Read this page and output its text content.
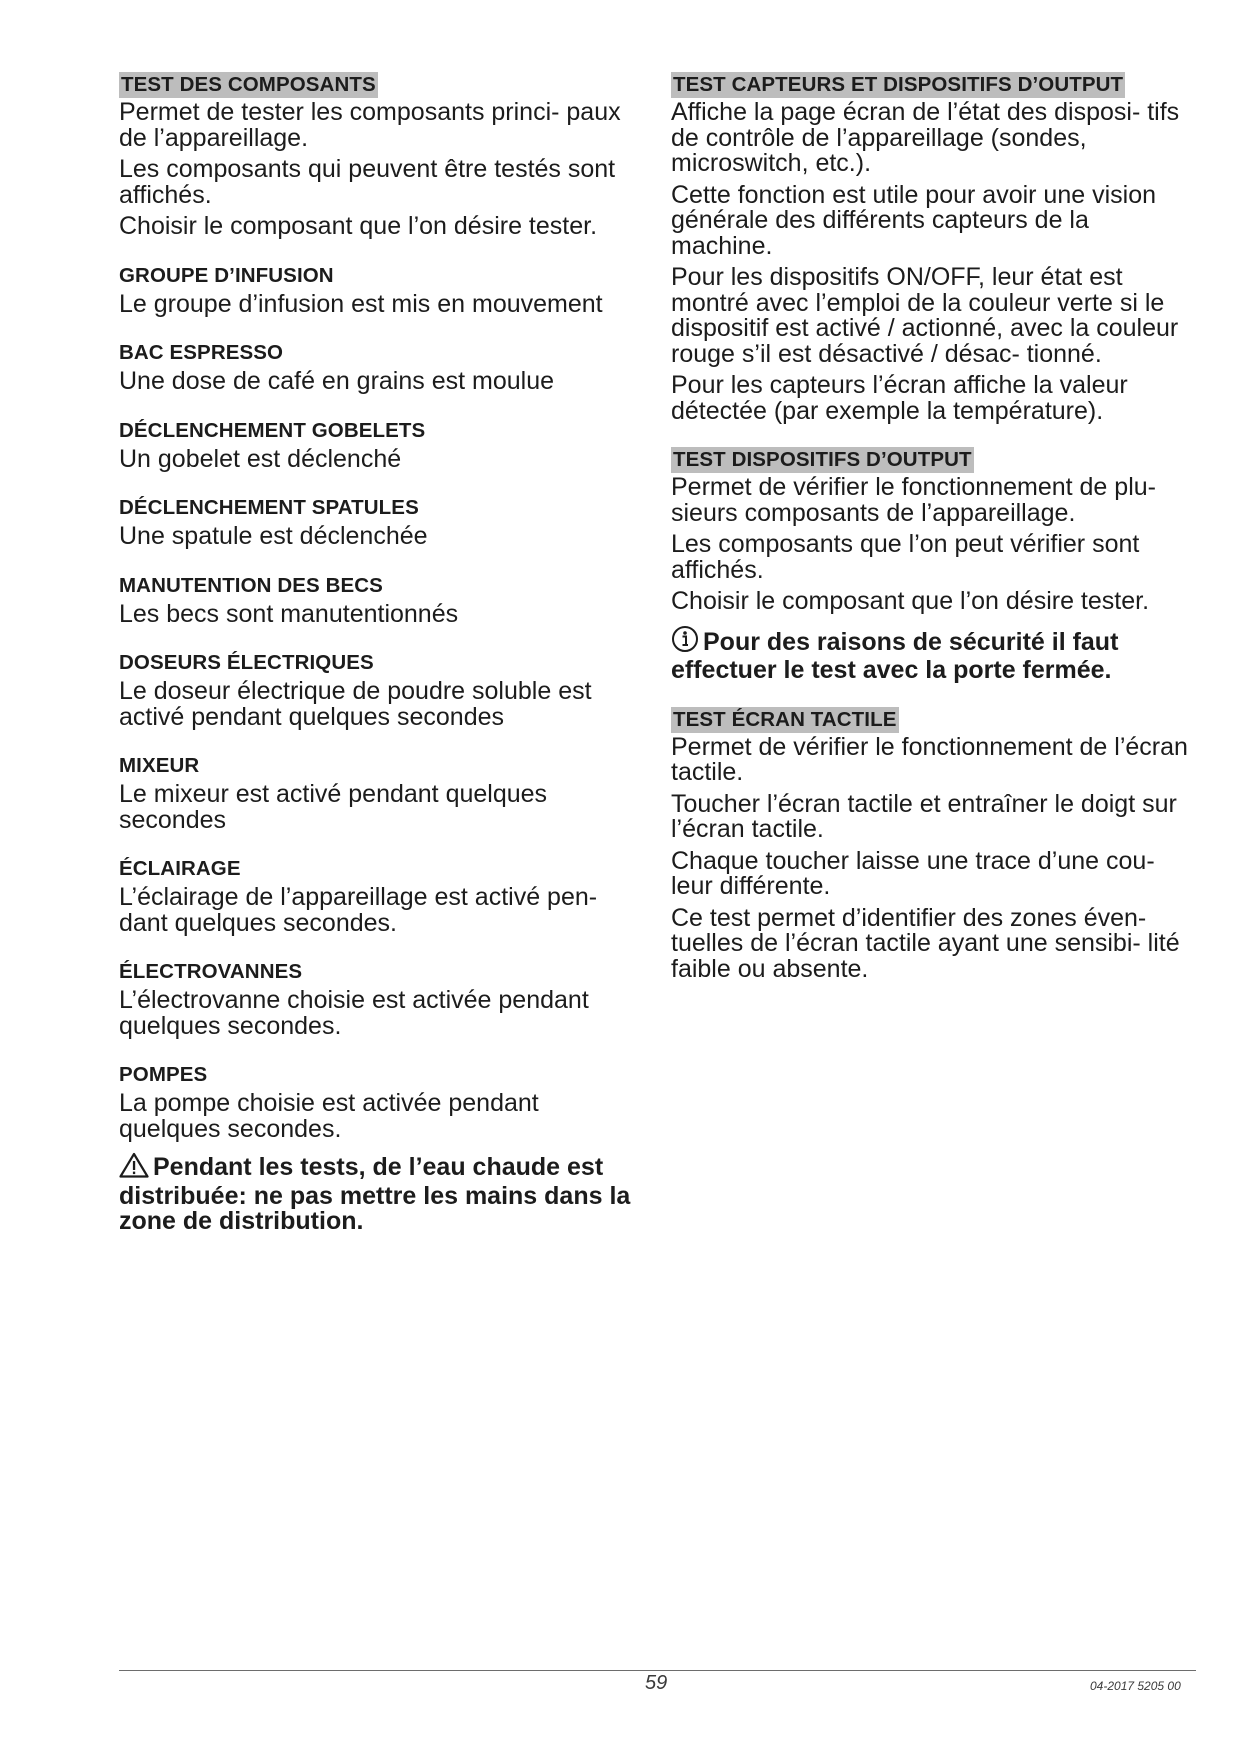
TEST DES COMPOSANTS

Permet de tester les composants princi- paux de l’appareillage.

Les composants qui peuvent être testés sont affichés.

Choisir le composant que l’on désire tester.

GROUPE D’INFUSION

Le groupe d’infusion est mis en mouvement

BAC ESPRESSO

Une dose de café en grains est moulue

DÉCLENCHEMENT GOBELETS

Un gobelet est déclenché

DÉCLENCHEMENT SPATULES

Une spatule est déclenchée

MANUTENTION DES BECS

Les becs sont manutentionnés

DOSEURS ÉLECTRIQUES

Le doseur électrique de poudre soluble est activé pendant quelques secondes

MIXEUR

Le mixeur est activé pendant quelques secondes

ÉCLAIRAGE

L’éclairage de l’appareillage est activé pen- dant quelques secondes.

ÉLECTROVANNES

L’électrovanne choisie est activée pendant quelques secondes.

POMPES

La pompe choisie est activée pendant quelques secondes.

Pendant les tests, de l’eau chaude est distribuée: ne pas mettre les mains dans la zone de distribution.

TEST CAPTEURS ET DISPOSITIFS D’OUTPUT

Affiche la page écran de l’état des disposi- tifs de contrôle de l’appareillage (sondes, microswitch, etc.).

Cette fonction est utile pour avoir une vision générale des différents capteurs de la machine.

Pour les dispositifs ON/OFF, leur état est montré avec l’emploi de la couleur verte si le dispositif est activé / actionné, avec la couleur rouge s’il est désactivé / désac- tionné.

Pour les capteurs l’écran affiche la valeur détectée (par exemple la température).

TEST DISPOSITIFS D’OUTPUT

Permet de vérifier le fonctionnement de plu- sieurs composants de l’appareillage.

Les composants que l’on peut vérifier sont affichés.

Choisir le composant que l’on désire tester.

Pour des raisons de sécurité il faut effectuer le test avec la porte fermée.

TEST ÉCRAN TACTILE

Permet de vérifier le fonctionnement de l’écran tactile.

Toucher l’écran tactile et entraîner le doigt sur l’écran tactile.

Chaque toucher laisse une trace d’une cou- leur différente.

Ce test permet d’identifier des zones éven- tuelles de l’écran tactile ayant une sensibi- lité faible ou absente.

59	04-2017 5205 00
